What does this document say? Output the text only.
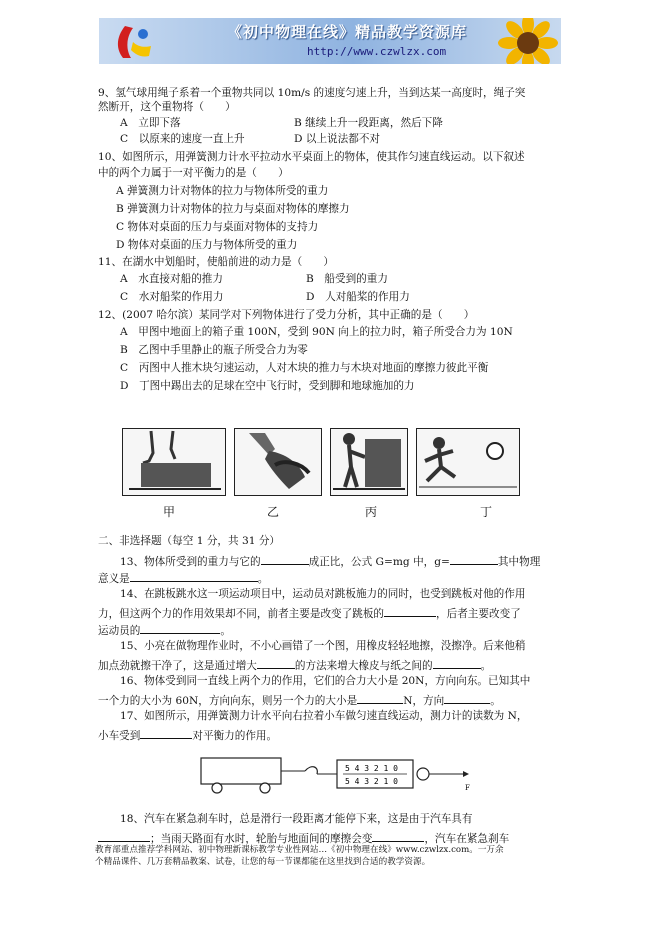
《初中物理在线》精品教学资源库
http://www.czwlzx.com
9、氢气球用绳子系着一个重物共同以 10m/s 的速度匀速上升，当到达某一高度时，绳子突
然断开，这个重物将（　　）
A　立即下落	B 继续上升一段距离，然后下降
C　以原来的速度一直上升	D 以上说法都不对
10、如图所示，用弹簧测力计水平拉动水平桌面上的物体，使其作匀速直线运动。以下叙述
中的两个力属于一对平衡力的是（　　）
A 弹簧测力计对物体的拉力与物体所受的重力
B 弹簧测力计对物体的拉力与桌面对物体的摩擦力
C 物体对桌面的压力与桌面对物体的支持力
D 物体对桌面的压力与物体所受的重力
11、在湖水中划船时，使船前进的动力是（　　）
A　水直接对船的推力	B　船受到的重力
C　水对船桨的作用力	D　人对船桨的作用力
12、(2007 哈尔滨）某同学对下列物体进行了受力分析，其中正确的是（　　）
A　甲图中地面上的箱子重 100N，受到 90N 向上的拉力时，箱子所受合力为 10N
B　乙图中手里静止的瓶子所受合力为零
C　丙图中人推木块匀速运动，人对木块的推力与木块对地面的摩擦力彼此平衡
D　丁图中踢出去的足球在空中飞行时，受到脚和地球施加的力
甲	乙	丙	丁
二、非选择题（每空 1 分，共 31 分）
13、物体所受到的重力与它的	成正比，公式 G=mg 中，g=	其中物理
意义是	。
14、在跳板跳水这一项运动项目中，运动员对跳板施力的同时，也受到跳板对他的作用
力，但这两个力的作用效果却不同，前者主要是改变了跳板的	，后者主要改变了
运动员的	。
15、小亮在做物理作业时，不小心画错了一个图，用橡皮轻轻地擦，没擦净。后来他稍
加点劲就擦干净了，这是通过增大	的方法来增大橡皮与纸之间的	。
16、物体受到同一直线上两个力的作用，它们的合力大小是 20N，方向向东。已知其中
一个力的大小为 60N，方向向东，则另一个力的大小是	N，方向	。
17、如图所示，用弹簧测力计水平向右拉着小车做匀速直线运动，测力计的读数为 N，
小车受到	对平衡力的作用。
5 4 3 2 1 0
5 4 3 2 1 0
F
18、汽车在紧急刹车时，总是滑行一段距离才能停下来，这是由于汽车具有
；当雨天路面有水时，轮胎与地面间的摩擦会变	，汽车在紧急刹车
教育部重点推荐学科网站、初中物理新课标教学专业性网站…《初中物理在线》www.czwlzx.com。一万余
个精品课件、几万套精品教案、试卷，让您的每一节课都能在这里找到合适的教学资源。
